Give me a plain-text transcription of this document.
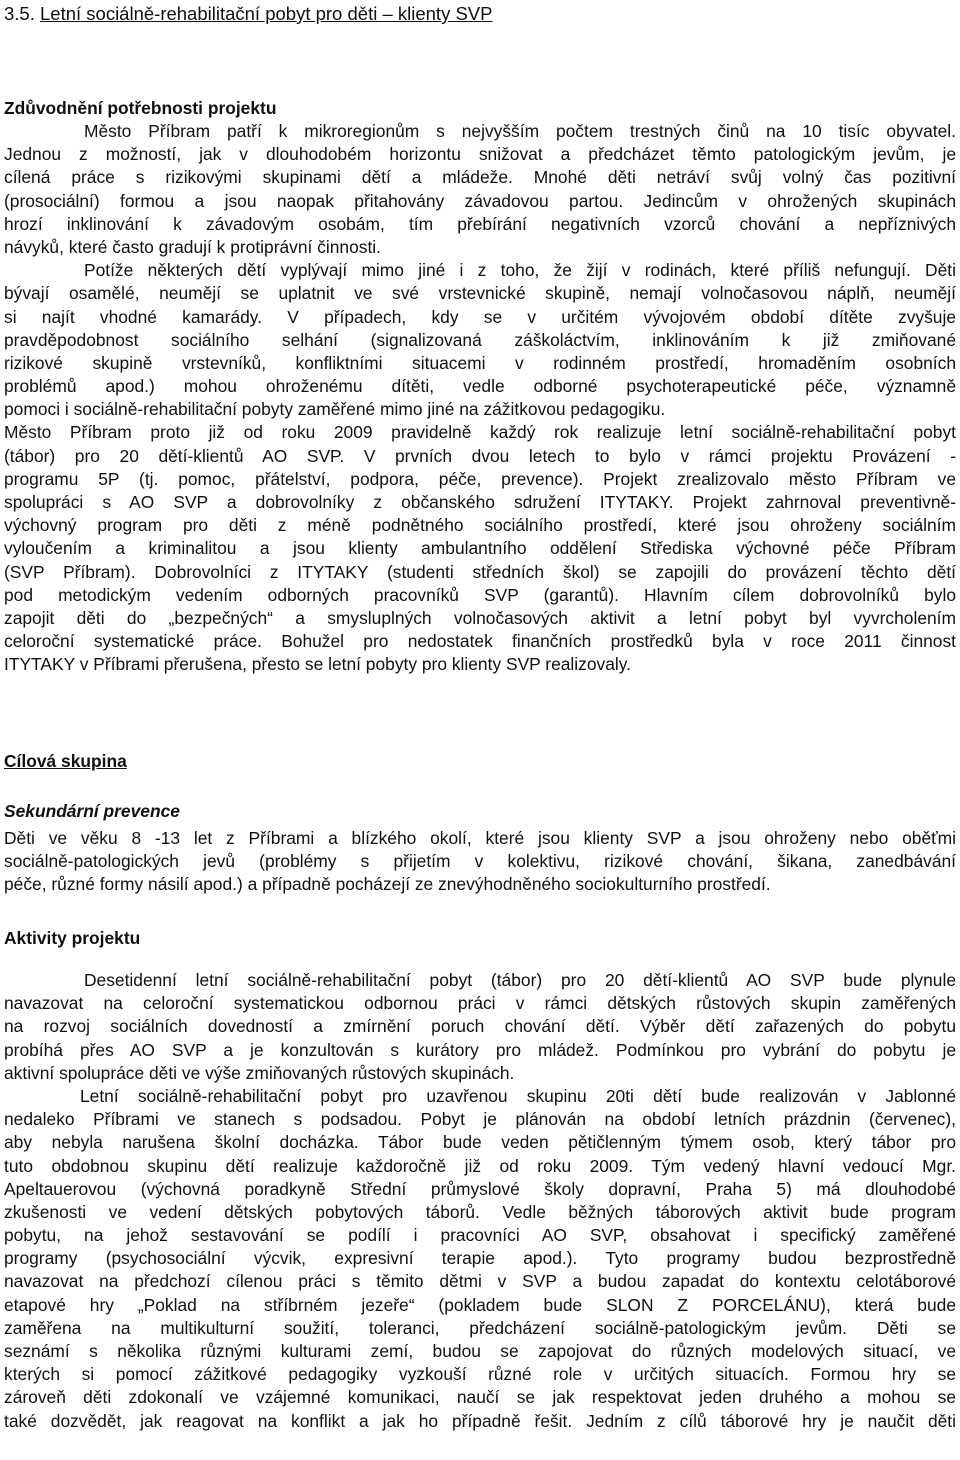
3.5. Letní sociálně-rehabilitační pobyt pro děti – klienty SVP
Zdůvodnění potřebnosti projektu
Město Příbram patří k mikroregionům s nejvyšším počtem trestných činů na 10 tisíc obyvatel.
Jednou z možností, jak v dlouhodobém horizontu snižovat a předcházet těmto patologickým jevům, je
cílená práce s rizikovými skupinami dětí a mládeže. Mnohé děti netráví svůj volný čas pozitivní
(prosociální) formou a jsou naopak přitahovány závadovou partou. Jedincům v ohrožených skupinách
hrozí inklinování k závadovým osobám, tím přebírání negativních vzorců chování a nepříznivých
návyků, které často gradují k protiprávní činnosti.
Potíže některých dětí vyplývají mimo jiné i z toho, že žijí v rodinách, které příliš nefungují. Děti
bývají osamělé, neumějí se uplatnit ve své vrstevnické skupině, nemají volnočasovou náplň, neumějí
si najít vhodné kamarády. V případech, kdy se v určitém vývojovém období dítěte zvyšuje
pravděpodobnost sociálního selhání (signalizovaná záškoláctvím, inklinováním k již zmiňované
rizikové skupině vrstevníků, konfliktními situacemi v rodinném prostředí, hromaděním osobních
problémů apod.) mohou ohroženému dítěti, vedle odborné psychoterapeutické péče, významně
pomoci i sociálně-rehabilitační pobyty zaměřené mimo jiné na zážitkovou pedagogiku.
Město Příbram proto již od roku 2009 pravidelně každý rok realizuje letní sociálně-rehabilitační pobyt
(tábor) pro 20 dětí-klientů AO SVP. V prvních dvou letech to bylo v rámci projektu Provázení -
programu 5P (tj. pomoc, přátelství, podpora, péče, prevence). Projekt zrealizovalo město Příbram ve
spolupráci s AO SVP a dobrovolníky z občanského sdružení ITYTAKY. Projekt zahrnoval preventivně-
výchovný program pro děti z méně podnětného sociálního prostředí, které jsou ohroženy sociálním
vyloučením a kriminalitou a jsou klienty ambulantního oddělení Střediska výchovné péče Příbram
(SVP Příbram). Dobrovolníci z ITYTAKY (studenti středních škol) se zapojili do provázení těchto dětí
pod metodickým vedením odborných pracovníků SVP (garantů). Hlavním cílem dobrovolníků bylo
zapojit děti do „bezpečných“ a smysluplných volnočasových aktivit a letní pobyt byl vyvrcholením
celoroční systematické práce. Bohužel pro nedostatek finančních prostředků byla v roce 2011 činnost
ITYTAKY v Příbrami přerušena, přesto se letní pobyty pro klienty SVP realizovaly.
Cílová skupina
Sekundární prevence
Děti ve věku 8 -13 let z Příbrami a blízkého okolí, které jsou klienty SVP a jsou ohroženy nebo oběťmi
sociálně-patologických jevů (problémy s přijetím v kolektivu, rizikové chování, šikana, zanedbávání
péče, různé formy násilí apod.) a případně pocházejí ze znevýhodněného sociokulturního prostředí.
Aktivity projektu
Desetidenní letní sociálně-rehabilitační pobyt (tábor) pro 20 dětí-klientů AO SVP bude plynule
navazovat na celoroční systematickou odbornou práci v rámci dětských růstových skupin zaměřených
na rozvoj sociálních dovedností a zmírnění poruch chování dětí. Výběr dětí zařazených do pobytu
probíhá přes AO SVP a je konzultován s kurátory pro mládež. Podmínkou pro vybrání do pobytu je
aktivní spolupráce děti ve výše zmiňovaných růstových skupinách.
Letní sociálně-rehabilitační pobyt pro uzavřenou skupinu 20ti dětí bude realizován v Jablonné
nedaleko Příbrami ve stanech s podsadou. Pobyt je plánován na období letních prázdnin (červenec),
aby nebyla narušena školní docházka. Tábor bude veden pětičlenným týmem osob, který tábor pro
tuto obdobnou skupinu dětí realizuje každoročně již od roku 2009. Tým vedený hlavní vedoucí Mgr.
Apeltauerovou (výchovná poradkyně Střední průmyslové školy dopravní, Praha 5) má dlouhodobé
zkušenosti ve vedení dětských pobytových táborů. Vedle běžných táborových aktivit bude program
pobytu, na jehož sestavování se podílí i pracovníci AO SVP, obsahovat i specifický zaměřené
programy (psychosociální výcvik, expresivní terapie apod.). Tyto programy budou bezprostředně
navazovat na předchozí cílenou práci s těmito dětmi v SVP a budou zapadat do kontextu celotáborové
etapové hry „Poklad na stříbrném jezeře“ (pokladem bude SLON Z PORCELÁNU), která bude
zaměřena na multikulturní soužití, toleranci, předcházení sociálně-patologickým jevům. Děti se
seznámí s několika různými kulturami zemí, budou se zapojovat do různých modelových situací, ve
kterých si pomocí zážitkové pedagogiky vyzkouší různé role v určitých situacích. Formou hry se
zároveň děti zdokonalí ve vzájemné komunikaci, naučí se jak respektovat jeden druhého a mohou se
také dozvědět, jak reagovat na konflikt a jak ho případně řešit. Jedním z cílů táborové hry je naučit děti
